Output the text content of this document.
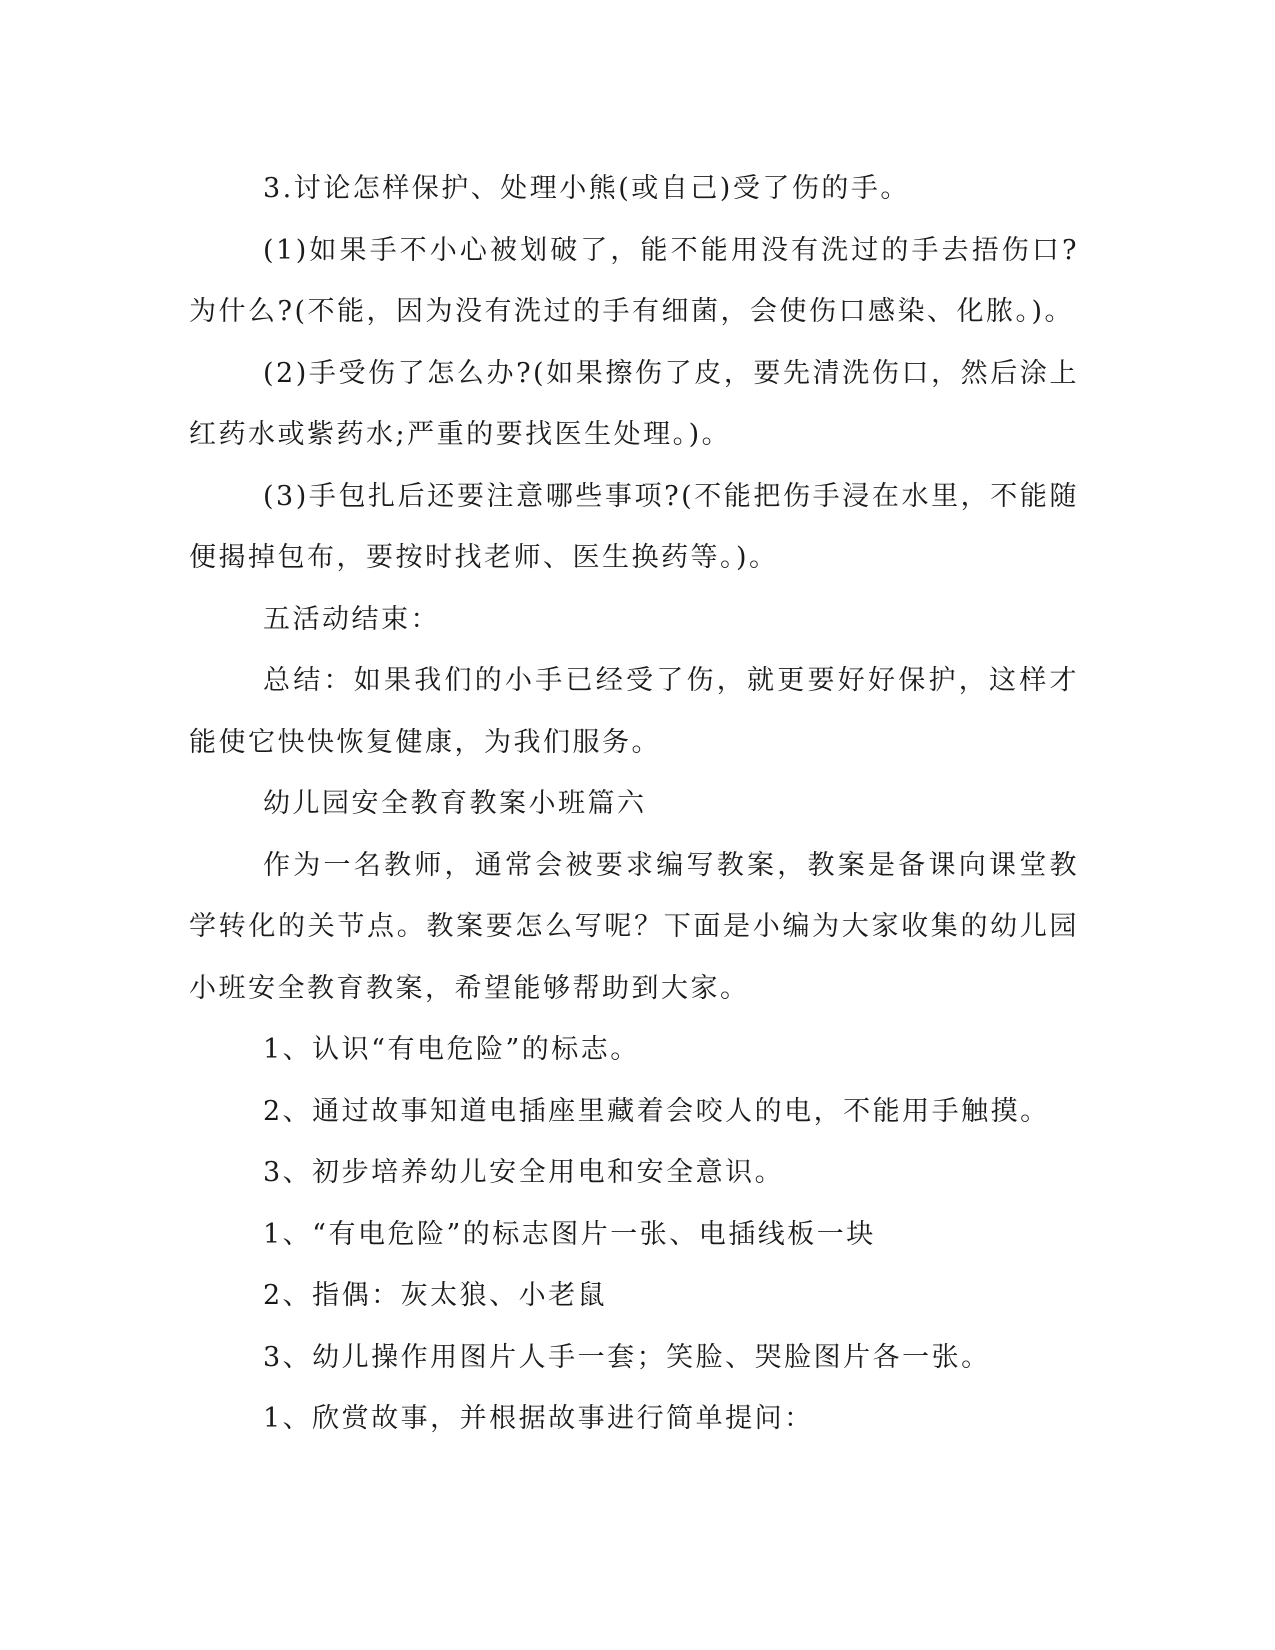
3.讨论怎样保护、处理小熊(或自己)受了伤的手。

(1)如果手不小心被划破了，能不能用没有洗过的手去捂伤口?为什么?(不能，因为没有洗过的手有细菌，会使伤口感染、化脓。)。

(2)手受伤了怎么办?(如果擦伤了皮，要先清洗伤口，然后涂上红药水或紫药水;严重的要找医生处理。)。

(3)手包扎后还要注意哪些事项?(不能把伤手浸在水里，不能随便揭掉包布，要按时找老师、医生换药等。)。

五活动结束：

总结：如果我们的小手已经受了伤，就更要好好保护，这样才能使它快快恢复健康，为我们服务。

幼儿园安全教育教案小班篇六

作为一名教师，通常会被要求编写教案，教案是备课向课堂教学转化的关节点。教案要怎么写呢？下面是小编为大家收集的幼儿园小班安全教育教案，希望能够帮助到大家。

1、认识“有电危险”的标志。

2、通过故事知道电插座里藏着会咬人的电，不能用手触摸。

3、初步培养幼儿安全用电和安全意识。

1、“有电危险”的标志图片一张、电插线板一块

2、指偶：灰太狼、小老鼠

3、幼儿操作用图片人手一套；笑脸、哭脸图片各一张。

1、欣赏故事，并根据故事进行简单提问：
